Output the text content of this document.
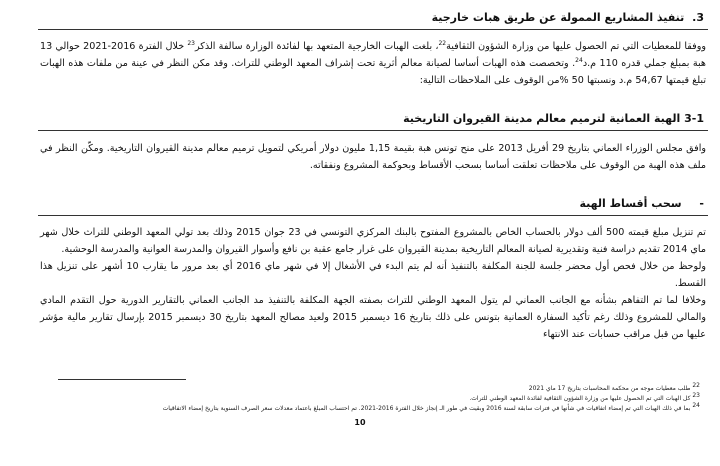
3. تنفيذ المشاريع الممولة عن طريق هبات خارجية

ووفقا للمعطيات التي تم الحصول عليها من وزارة الشؤون الثقافية$^{22}$، بلغت الهبات الخارجية المتعهد بها لفائدة الوزارة سالفة الذكر$^{23}$ خلال الفترة 2016-2021 حوالي 13 هبة بمبلغ جملي قدره 110 م.د$^{24}$. وتخصصت هذه الهبات أساسا لصيانة معالم أثرية تحت إشراف المعهد الوطني للتراث. وقد مكن النظر في عينة من ملفات هذه الهبات تبلغ قيمتها 54,67 م.د ونسبتها 50 %من الوقوف على الملاحظات التالية:

3-1 الهبة العمانية لترميم معالم مدينة القيروان التاريخية

وافق مجلس الوزراء العماني بتاريخ 29 أفريل 2013 على منح تونس هبة بقيمة 1,15 مليون دولار أمريكي لتمويل ترميم معالم مدينة القيروان التاريخية. ومكّن النظر في ملف هذه الهبة من الوقوف على ملاحظات تعلقت أساسا بسحب الأقساط وبحوكمة المشروع ونفقاته.

- سحب أقساط الهبة

تم تنزيل مبلغ قيمته 500 ألف دولار بالحساب الخاص بالمشروع المفتوح بالبنك المركزي التونسي في 23 جوان 2015 وذلك بعد تولي المعهد الوطني للتراث خلال شهر ماي 2014 تقديم دراسة فنية وتقديرية لصيانة المعالم التاريخية بمدينة القيروان على غرار جامع عقبة بن نافع وأسوار القيروان والمدرسة العوانية والمدرسة الوحشية.

ولوحظ من خلال فحص أول محضر جلسة للجنة المكلفة بالتنفيذ أنه لم يتم البدء في الأشغال إلا في شهر ماي 2016 أي بعد مرور ما يقارب 10 أشهر على تنزيل هذا القسط.

وخلافا لما تم التفاهم بشأنه مع الجانب العماني لم يتول المعهد الوطني للتراث بصفته الجهة المكلفة بالتنفيذ مد الجانب العماني بالتقارير الدورية حول التقدم المادي والمالي للمشروع وذلك رغم تأكيد السفارة العمانية بتونس على ذلك بتاريخ 16 ديسمبر 2015 ولعيد مصالح المعهد بتاريخ 30 ديسمبر 2015 بإرسال تقارير مالية مؤشر عليها من قبل مراقب حسابات عند الانتهاء

22 طلب معطيات موجه من محكمة المحاسبات بتاريخ 17 ماي 2021

23 كل الهبات التي تم الحصول عليها من وزارة الشؤون الثقافية لفائدة المعهد الوطني للتراث.

24 بما في ذلك الهبات التي تم إمضاء اتفاقيات في شأنها في فترات سابقة لسنة 2016 وبقيت في طور الـ إنجاز خلال الفترة 2016-2021. تم احتساب المبلغ باعتماد معدلات سعر الصرف السنوية بتاريخ إمضاء الاتفاقيات

10
